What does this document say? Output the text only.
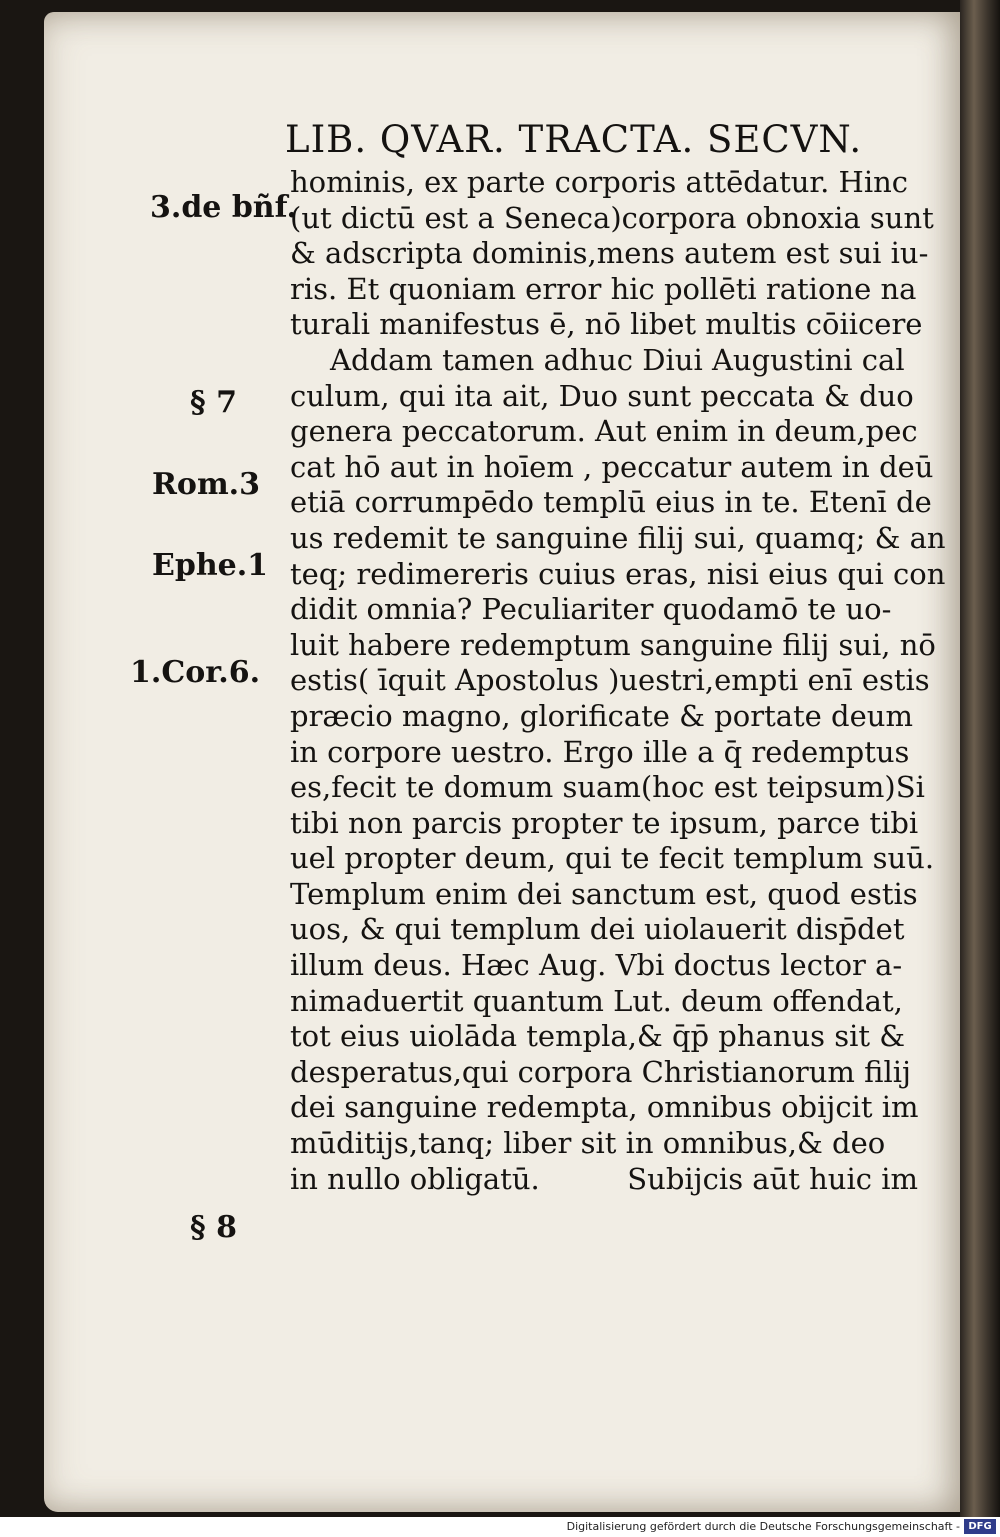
LIB. QVAR. TRACTA. SECVN.
3.de bñf.
§ 7
Rom.3
Ephe.1
1.Cor.6.
§ 8
hominis, ex parte corporis attēdatur. Hinc
(ut dictū est a Seneca)corpora obnoxia sunt
& adscripta dominis,mens autem est sui iu-
ris. Et quoniam error hic pollēti ratione na
turali manifestus ē, nō libet multis cōiicere
Addam tamen adhuc Diui Augustini cal
culum, qui ita ait, Duo sunt peccata & duo
genera peccatorum. Aut enim in deum,pec
cat hō aut in hoīem , peccatur autem in deū
etiā corrumpēdo templū eius in te. Etenī de
us redemit te sanguine filij sui, quamq; & an
teq; redimereris cuius eras, nisi eius qui con
didit omnia? Peculiariter quodamō te uo-
luit habere redemptum sanguine filij sui, nō
estis( īquit Apostolus )uestri,empti enī estis
præcio magno, glorificate & portate deum
in corpore uestro. Ergo ille a q̄ redemptus
es,fecit te domum suam(hoc est teipsum)Si
tibi non parcis propter te ipsum, parce tibi
uel propter deum, qui te fecit templum suū.
Templum enim dei sanctum est, quod estis
uos, & qui templum dei uiolauerit disp̄det
illum deus. Hæc Aug. Vbi doctus lector a-
nimaduertit quantum Lut. deum offendat,
tot eius uiolāda templa,& q̄p̄ phanus sit &
desperatus,qui corpora Christianorum filij
dei sanguine redempta, omnibus obijcit im
mūditijs,tanq; liber sit in omnibus,& deo
in nullo obligatū.	Subijcis aūt huic im
Digitalisierung gefördert durch die Deutsche Forschungsgemeinschaft - DFG
